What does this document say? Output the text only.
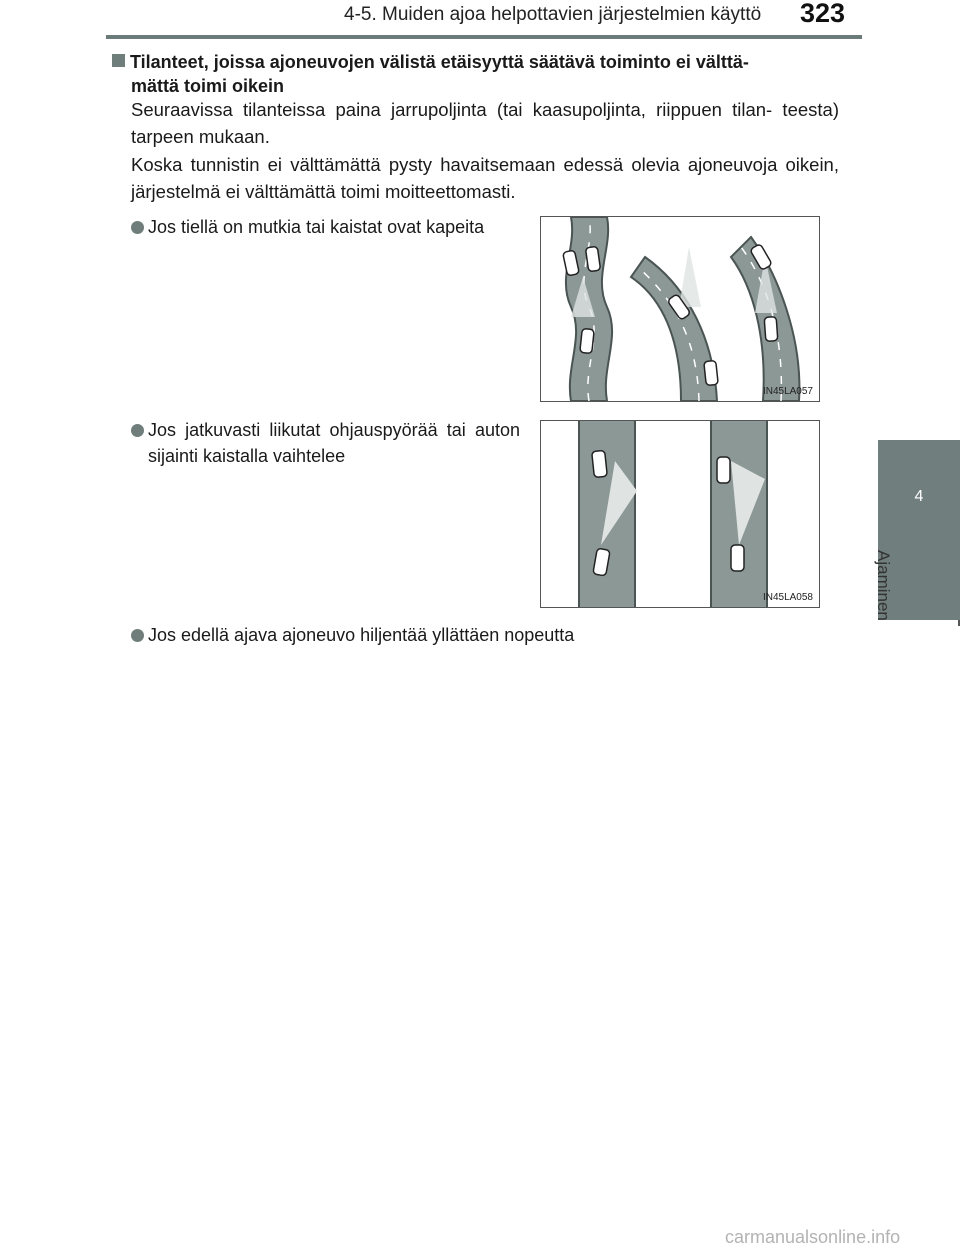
4-5. Muiden ajoa helpottavien järjestelmien käyttö 323
4
Ajaminen
Tilanteet, joissa ajoneuvojen välistä etäisyyttä säätävä toiminto ei välttä-
mättä toimi oikein
Seuraavissa tilanteissa paina jarrupoljinta (tai kaasupoljinta, riippuen tilan- teesta) tarpeen mukaan.
Koska tunnistin ei välttämättä pysty havaitsemaan edessä olevia ajoneuvoja oikein, järjestelmä ei välttämättä toimi moitteettomasti.
Jos tiellä on mutkia tai kaistat ovat kapeita
IN45LA057
Jos jatkuvasti liikutat ohjauspyörää tai auton sijainti kaistalla vaihtelee
IN45LA058
Jos edellä ajava ajoneuvo hiljentää yllättäen nopeutta
carmanualsonline.info
